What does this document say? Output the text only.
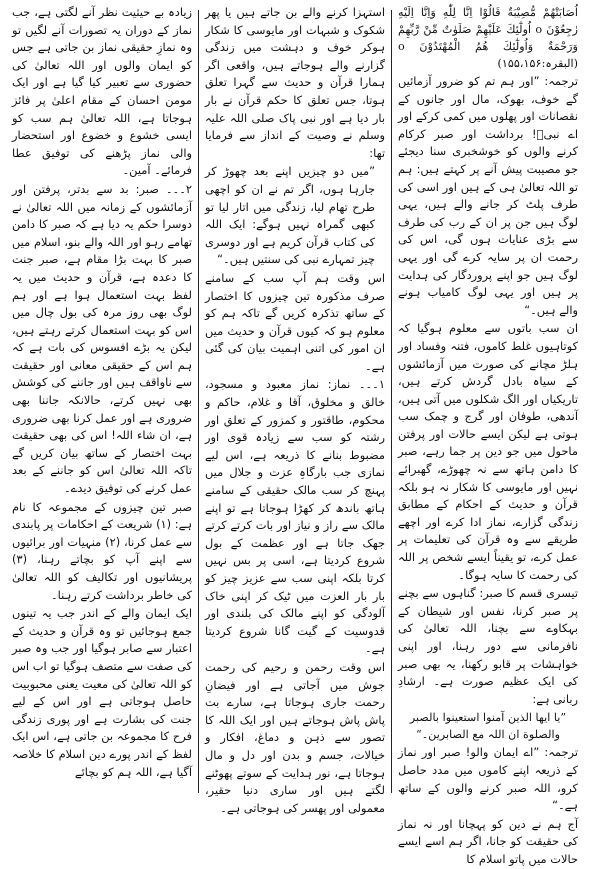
اُصَابَتْهُمْ مُّصِیْبَةٌ قَالُوْا اِنَّا لِلّٰهِ وَاِنَّا اِلَیْهِ رٰجِعُوْنَ o اُولٰٓئِكَ عَلَیْهِمْ صَلَوٰتٌ مِّنْ رَّبِّهِمْ وَرَحْمَةٌ وَاُولٰٓئِكَ هُمُ الْمُهْتَدُوْنَ o (البقرہ:۱۵۵،۱۵۶)

ترجمہ: ”اور ہم تم کو ضرور آزمائیں گے خوف، بھوک، مال اور جانوں کے نقصانات اور پھلوں میں کمی کرکے اور اے نبیؐ! برداشت اور صبر کرکام کرنے والوں کو خوشخبری سنا دیجئے جو مصیبت پیش آنے پر کہتے ہیں: ہم تو اللہ تعالیٰ ہی کے ہیں اور اسی کی طرف پلٹ کر جانے والے ہیں، یہی لوگ ہیں جن پر ان کے رب کی طرف سے بڑی عنایات ہوں گی، اس کی رحمت ان پر سایہ کرے گی اور یہی لوگ ہیں جو اپنے پروردگار کی ہدایت پر ہیں اور یہی لوگ کامیاب ہونے والے ہیں۔“

ان سب باتوں سے معلوم ہوگیا کہ کوتاہیوں غلط کاموں، فتنہ وفساد اور ہلڑ مچانے کی صورت میں آزمائشوں کے سیاہ بادل گردش کرتے ہیں، تاریکیاں اور الگ شکلوں میں آتی ہیں، آندھی، طوفان اور گرج و چمک سب ہوتی ہے لیکن ایسے حالات اور پرفتن ماحول میں جو دین پر جما رہے، صبر کا دامن ہاتھ سے نہ چھوڑے، گھبرائے نہیں اور مایوسی کا شکار نہ ہو بلکہ قرآن و حدیث کے احکام کے مطابق زندگی گزارے، نماز ادا کرے اور اچھے طریقے سے وہ قرآن کی تعلیمات پر عمل کرے، تو یقیناً ایسے شخص پر اللہ کی رحمت کا سایہ ہوگا۔

تیسری قسم کا صبر: گناہوں سے بچنے پر صبر کرنا، نفس اور شیطان کے بہکاوے سے بچنا، اللہ تعالیٰ کی نافرمانی سے دور رہنا، اور اپنی خواہشات پر قابو رکھنا، یہ بھی صبر کی ایک عظیم صورت ہے۔ ارشادِ ربانی ہے:

”یا ایھا الذین آمنوا استعینوا بالصبر والصلوة ان اللہ مع الصابرین۔“

ترجمہ: ”اے ایمان والو! صبر اور نماز کے ذریعہ اپنے کاموں میں مدد حاصل کرو، اللہ صبر کرنے والوں کے ساتھ ہے۔“

آج ہم نے دین کو پہچانا اور نہ نماز کی حقیقت کو جانا، اگر ہم اسے ایسے حالات میں پاتو اسلام کا

استہزا کرنے والے بن جاتے ہیں یا پھر شکوک و شبہات اور مایوسی کا شکار ہوکر خوف و دہشت میں زندگی گزارنے والے ہوجاتے ہیں، واقعی اگر ہمارا قرآن و حدیث سے گہرا تعلق ہوتا، جس تعلق کا حکم قرآن نے بار بار دیا ہے اور نبی پاک صلی اللہ علیہ وسلم نے وصیت کے انداز سے فرمایا تھا:

”میں دو چیزیں اپنے بعد چھوڑ کر جارہا ہوں، اگر تم نے ان کو اچھی طرح تھام لیا، زندگی میں اتار لیا تو کبھی گمراہ نہیں ہوگے: ایک اللہ کی کتاب قرآن کریم ہے اور دوسری چیز تمہارے نبی کی سنتیں ہیں۔“

اس وقت ہم آپ سب کے سامنے صرف مذکورہ تین چیزوں کا اختصار کے ساتھ تذکرہ کریں گے تاکہ ہم کو معلوم ہو کہ کیوں قرآن و حدیث میں ان امور کی اتنی اہمیت بیان کی گئی ہے۔

۱۔۔۔ نماز: نماز معبود و مسجود، خالق و مخلوق، آقا و غلام، حاکم و محکوم، طاقتور و کمزور کے تعلق اور رشتہ کو سب سے زیادہ قوی اور مضبوط بنانے کا ذریعہ ہے، اس لیے نمازی جب بارگاہِ عزت و جلال میں پہنچ کر سب مالک حقیقی کے سامنے ہاتھ باندھ کر کھڑا ہوجاتا ہے تو اپنے مالک سے راز و نیاز اور بات کرتے کرتے جھک جاتا ہے اور عظمت کے بول شروع کردیتا ہے، اسی پر بس نہیں کرتا بلکہ اپنی سب سے عزیز چیز کو بار بار العزت میں ٹیک کر اپنی خاک آلودگی کو اپنے مالک کی بلندی اور قدوسیت کے گیت گانا شروع کردیتا ہے۔

اس وقت رحمن و رحیم کی رحمت جوش میں آجاتی ہے اور فیضانِ رحمت جاری ہوجاتا ہے، سارے بت پاش پاش ہوجاتے ہیں اور ایک اللہ کا تصور سے ذہن و دماغ، افکار و خیالات، جسم و بدن اور دل و مال ہوجاتا ہے، نور ہدایت کے سوتے پھوٹنے لگتے ہیں اور ساری دنیا حقیر، معمولی اور پھسر کی ہوجاتی ہے۔

زیادہ بے حیثیت نظر آنے لگتی ہے، جب نماز کے دوران یہ تصورات آنے لگیں تو وہ نمازِ حقیقی نماز بن جاتی ہے جس کو ایمان والوں اور اللہ تعالیٰ کی حضوری سے تعبیر کیا گیا ہے اور ایک مومن احسان کے مقام اعلیٰ پر فائز ہوجاتا ہے، اللہ تعالیٰ ہم سب کو ایسی خشوع و خضوع اور استحضار والی نماز پڑھنے کی توفیق عطا فرمائے۔ آمین۔

۲۔۔۔ صبر: بد سے بدتر، پرفتن اور آزمائشوں کے زمانہ میں اللہ تعالیٰ نے دوسرا حکم یہ دیا ہے کہ صبر کا دامن تھامے رہو اور اللہ والے بنو، اسلام میں صبر کا بہت بڑا مقام ہے، صبر جنت کا دعدہ ہے، قرآن و حدیث میں یہ لفظ بہت استعمال ہوا ہے اور ہم لوگ بھی روز مرہ کی بول چال میں اس کو بہت استعمال کرتے رہتے ہیں، لیکن یہ بڑے افسوس کی بات ہے کہ ہم اس کے حقیقی معانی اور حقیقت سے ناواقف ہیں اور جاننے کی کوشش بھی نہیں کرتے، حالانکہ جاننا بھی ضروری ہے اور عمل کرنا بھی ضروری ہے، ان شاء اللہ! اس کی بھی حقیقت بہت اختصار کے ساتھ بیان کریں گے تاکہ اللہ تعالیٰ اس کو جاننے کے بعد عمل کرنے کی توفیق دیدے۔

صبر تین چیزوں کے مجموعہ کا نام ہے: (۱) شریعت کے احکامات پر پابندی سے عمل کرنا، (۲) منہیات اور برائیوں سے اپنے آپ کو بچاتے رہنا، (۳) پریشانیوں اور تکالیف کو اللہ تعالیٰ کی خاطر برداشت کرتے رہنا۔

ایک ایمان والے کے اندر جب یہ تینوں جمع ہوجائیں تو وہ قرآن و حدیث کے اعتبار سے صابر ہوگیا اور جب وہ صبر کی صفت سے متصف ہوگیا تو اب اس کو اللہ تعالیٰ کی معیت یعنی محبوبیت حاصل ہوجاتی ہے اور اس کے لیے جنت کی بشارت ہے اور پوری زندگی فرح کا مجموعہ بن جاتی ہے، اس ایک لفظ کے اندر پورے دین اسلام کا خلاصہ آگیا ہے، اللہ ہم کو بچائے
